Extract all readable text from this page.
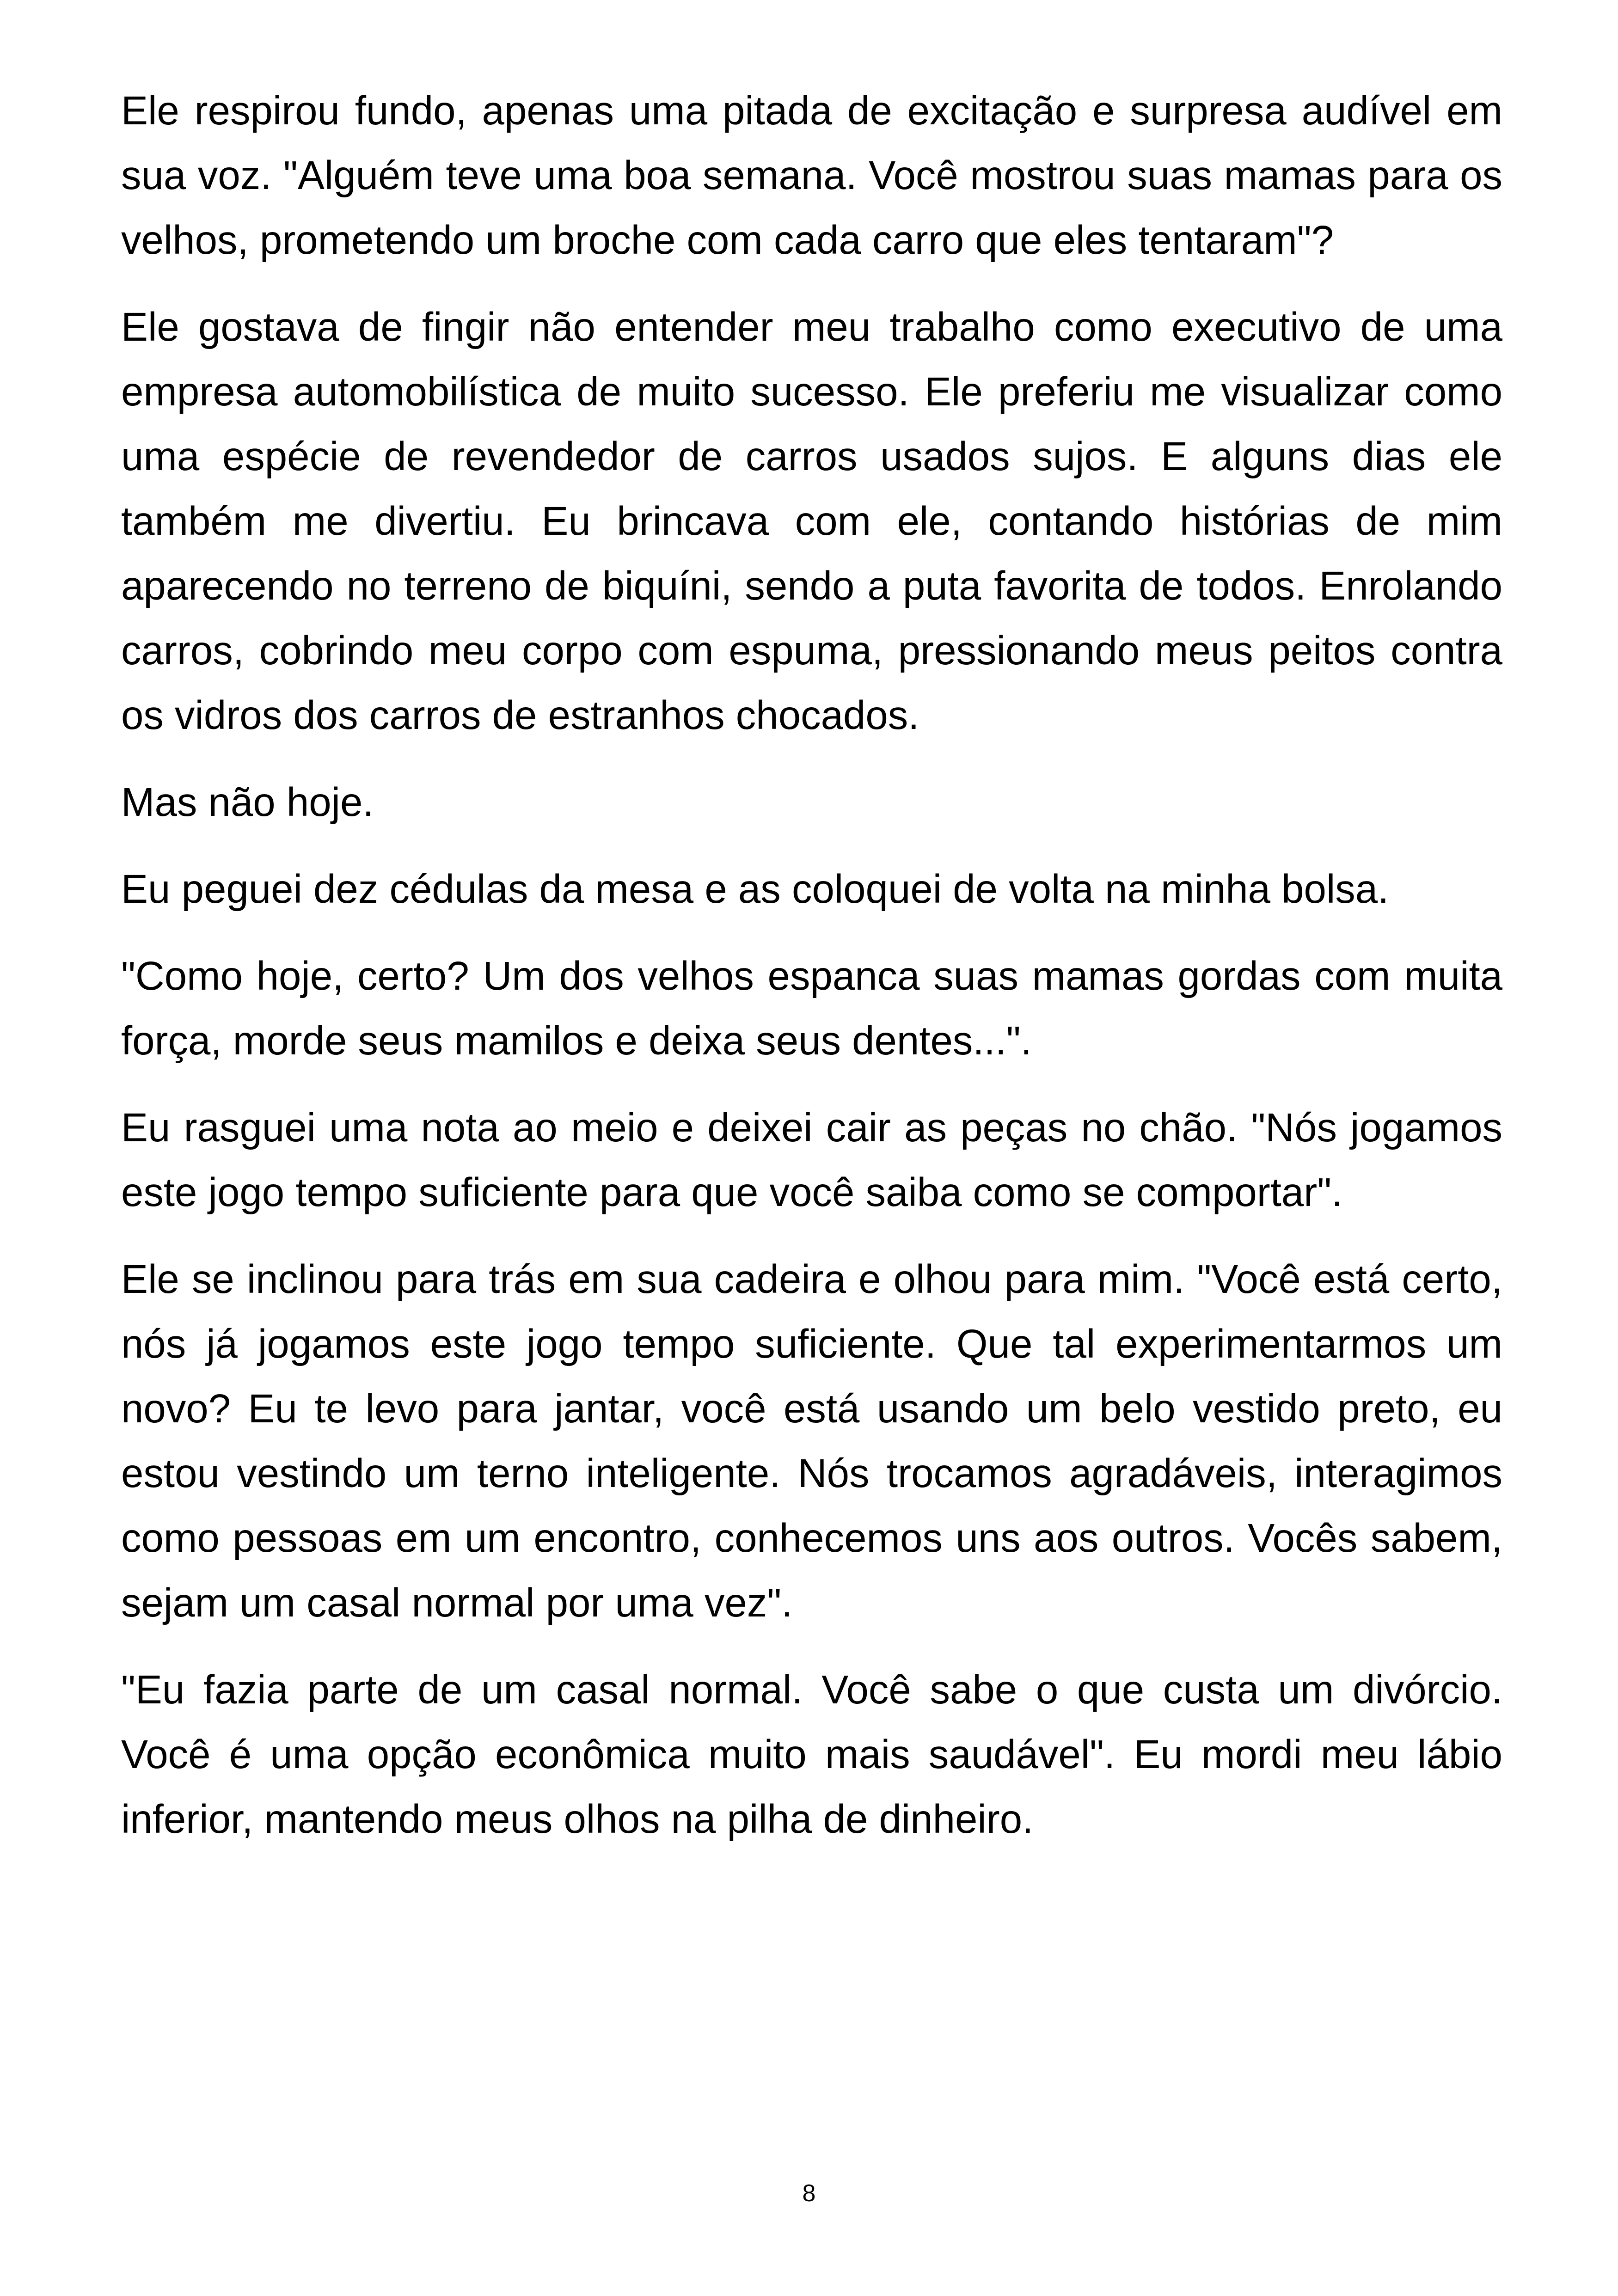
Ele respirou fundo, apenas uma pitada de excitação e surpresa audível em sua voz. "Alguém teve uma boa semana. Você mostrou suas mamas para os velhos, prometendo um broche com cada carro que eles tentaram"?

Ele gostava de fingir não entender meu trabalho como executivo de uma empresa automobilística de muito sucesso. Ele preferiu me visualizar como uma espécie de revendedor de carros usados sujos. E alguns dias ele também me divertiu. Eu brincava com ele, contando histórias de mim aparecendo no terreno de biquíni, sendo a puta favorita de todos. Enrolando carros, cobrindo meu corpo com espuma, pressionando meus peitos contra os vidros dos carros de estranhos chocados.

Mas não hoje.

Eu peguei dez cédulas da mesa e as coloquei de volta na minha bolsa.

"Como hoje, certo? Um dos velhos espanca suas mamas gordas com muita força, morde seus mamilos e deixa seus dentes...".

Eu rasguei uma nota ao meio e deixei cair as peças no chão. "Nós jogamos este jogo tempo suficiente para que você saiba como se comportar".

Ele se inclinou para trás em sua cadeira e olhou para mim. "Você está certo, nós já jogamos este jogo tempo suficiente. Que tal experimentarmos um novo? Eu te levo para jantar, você está usando um belo vestido preto, eu estou vestindo um terno inteligente. Nós trocamos agradáveis, interagimos como pessoas em um encontro, conhecemos uns aos outros. Vocês sabem, sejam um casal normal por uma vez".

"Eu fazia parte de um casal normal. Você sabe o que custa um divórcio. Você é uma opção econômica muito mais saudável". Eu mordi meu lábio inferior, mantendo meus olhos na pilha de dinheiro.

8
